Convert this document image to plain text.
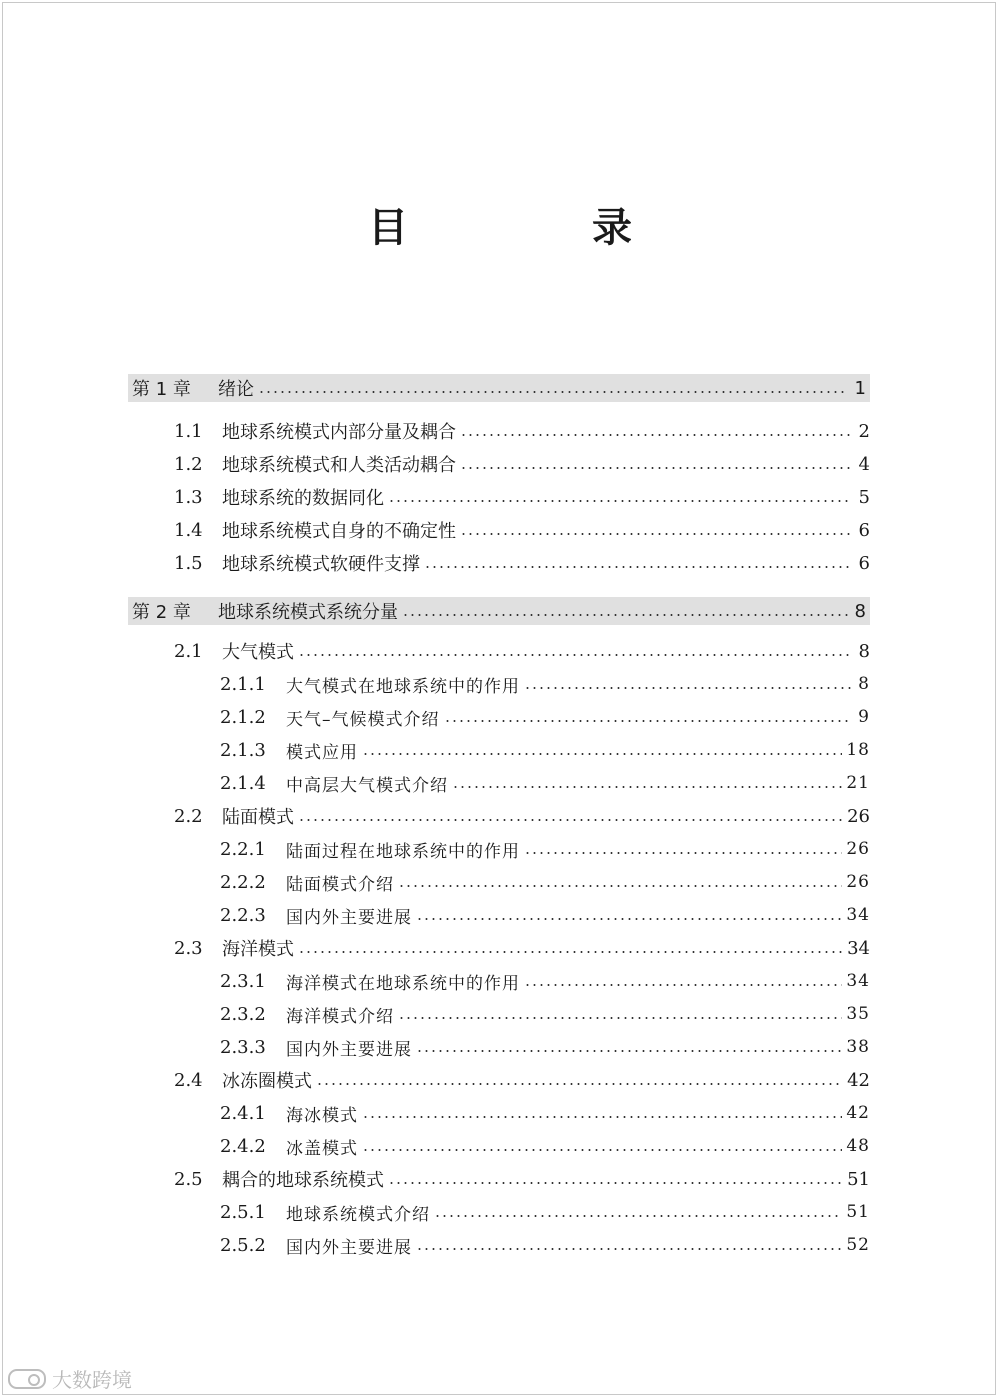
目　录
第 1 章	绪论	1
1.1	地球系统模式内部分量及耦合	2
1.2	地球系统模式和人类活动耦合	4
1.3	地球系统的数据同化	5
1.4	地球系统模式自身的不确定性	6
1.5	地球系统模式软硬件支撑	6
第 2 章	地球系统模式系统分量	8
2.1	大气模式	8
2.1.1	大气模式在地球系统中的作用	8
2.1.2	天气–气候模式介绍	9
2.1.3	模式应用	18
2.1.4	中高层大气模式介绍	21
2.2	陆面模式	26
2.2.1	陆面过程在地球系统中的作用	26
2.2.2	陆面模式介绍	26
2.2.3	国内外主要进展	34
2.3	海洋模式	34
2.3.1	海洋模式在地球系统中的作用	34
2.3.2	海洋模式介绍	35
2.3.3	国内外主要进展	38
2.4	冰冻圈模式	42
2.4.1	海冰模式	42
2.4.2	冰盖模式	48
2.5	耦合的地球系统模式	51
2.5.1	地球系统模式介绍	51
2.5.2	国内外主要进展	52
大数跨境
